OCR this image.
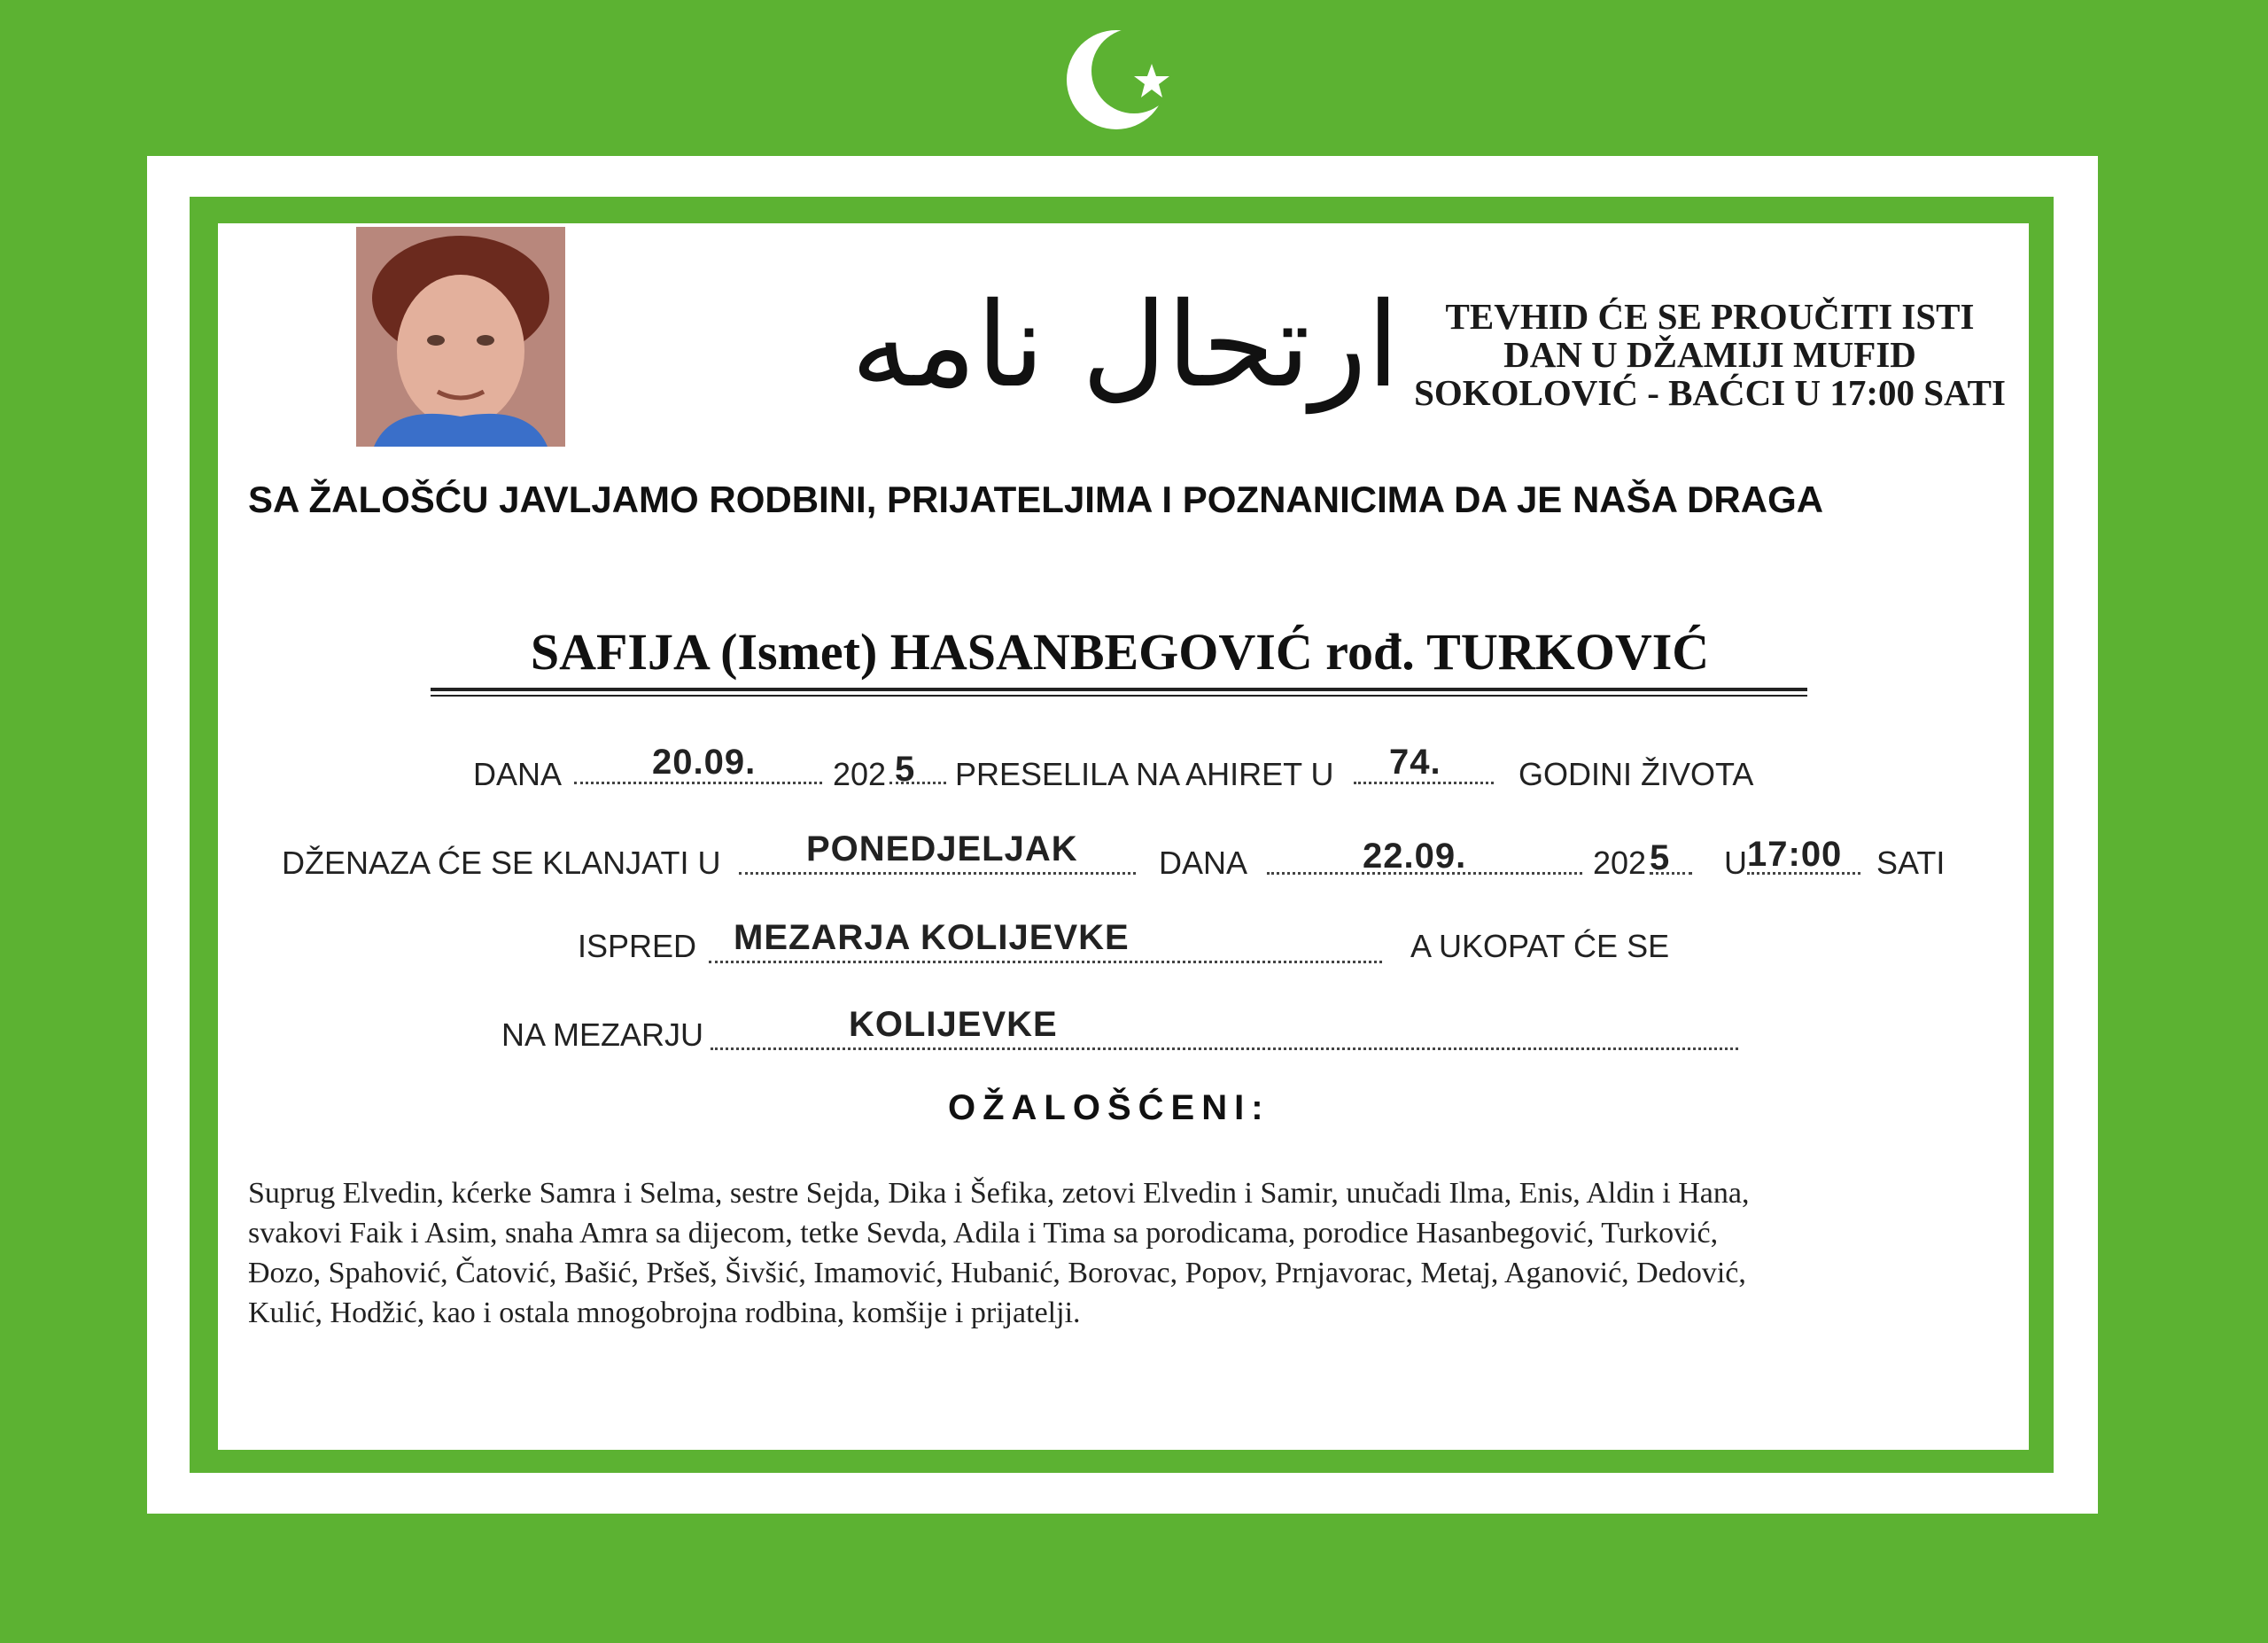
ارتحال نامه	TEVHID ĆE SE PROUČITI ISTI
DAN U DŽAMIJI MUFID
SOKOLOVIĆ - BAĆCI U 17:00 SATI
SA ŽALOŠĆU JAVLJAMO RODBINI, PRIJATELJIMA I POZNANICIMA DA JE NAŠA DRAGA
SAFIJA (Ismet) HASANBEGOVIĆ rođ. TURKOVIĆ
DANA	20.09. 202 5 PRESELILA NA AHIRET U 74. GODINI ŽIVOTA
DŽENAZA ĆE SE KLANJATI U PONEDJELJAK	DANA	22.09.	202 5 U 17:00 SATI
ISPRED MEZARJA KOLIJEVKE	A UKOPAT ĆE SE
NA MEZARJU	KOLIJEVKE
OŽALOŠĆENI:
Suprug Elvedin, kćerke Samra i Selma, sestre Sejda, Dika i Šefika, zetovi Elvedin i Samir, unučadi Ilma, Enis, Aldin i Hana,
svakovi Faik i Asim, snaha Amra sa dijecom, tetke Sevda, Adila i Tima sa porodicama, porodice Hasanbegović, Turković,
Đozo, Spahović, Čatović, Bašić, Pršeš, Šivšić, Imamović, Hubanić, Borovac, Popov, Prnjavorac, Metaj, Aganović, Dedović,
Kulić, Hodžić, kao i ostala mnogobrojna rodbina, komšije i prijatelji.
